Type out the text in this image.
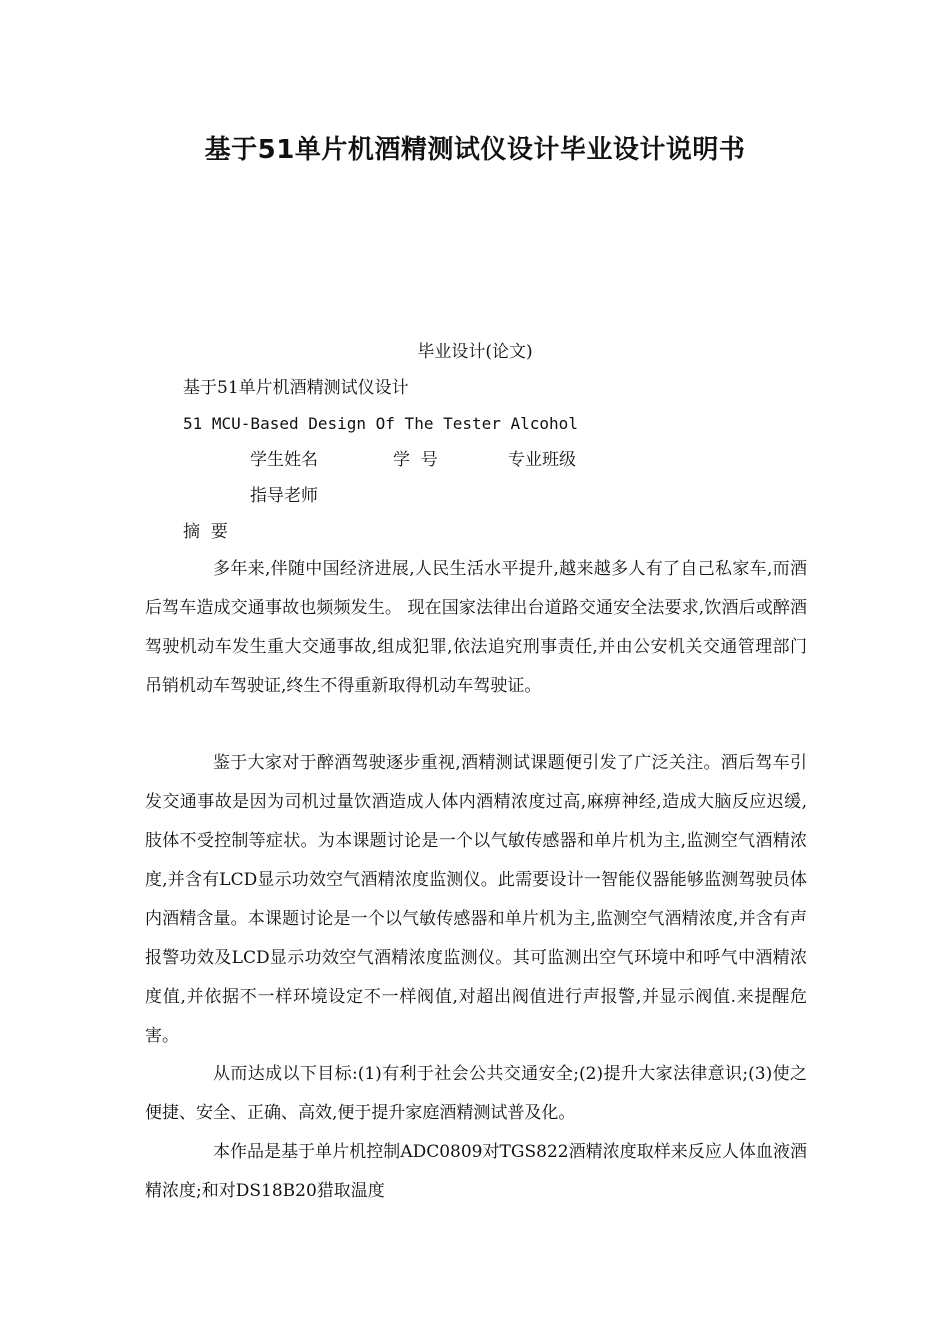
基于51单片机酒精测试仪设计毕业设计说明书
毕业设计(论文)
基于51单片机酒精测试仪设计
51 MCU-Based Design Of The Tester Alcohol
学生姓名	学  号	专业班级
指导老师
摘  要

多年来,伴随中国经济进展,人民生活水平提升,越来越多人有了自己私家车,而酒后驾车造成交通事故也频频发生。 现在国家法律出台道路交通安全法要求,饮酒后或醉酒驾驶机动车发生重大交通事故,组成犯罪,依法追究刑事责任,并由公安机关交通管理部门吊销机动车驾驶证,终生不得重新取得机动车驾驶证。

鉴于大家对于醉酒驾驶逐步重视,酒精测试课题便引发了广泛关注。酒后驾车引发交通事故是因为司机过量饮酒造成人体内酒精浓度过高,麻痹神经,造成大脑反应迟缓,肢体不受控制等症状。为本课题讨论是一个以气敏传感器和单片机为主,监测空气酒精浓度,并含有LCD显示功效空气酒精浓度监测仪。此需要设计一智能仪器能够监测驾驶员体内酒精含量。本课题讨论是一个以气敏传感器和单片机为主,监测空气酒精浓度,并含有声报警功效及LCD显示功效空气酒精浓度监测仪。其可监测出空气环境中和呼气中酒精浓度值,并依据不一样环境设定不一样阀值,对超出阀值进行声报警,并显示阀值.来提醒危害。

从而达成以下目标:(1)有利于社会公共交通安全;(2)提升大家法律意识;(3)使之便捷、安全、正确、高效,便于提升家庭酒精测试普及化。

本作品是基于单片机控制ADC0809对TGS822酒精浓度取样来反应人体血液酒精浓度;和对DS18B20猎取温度
